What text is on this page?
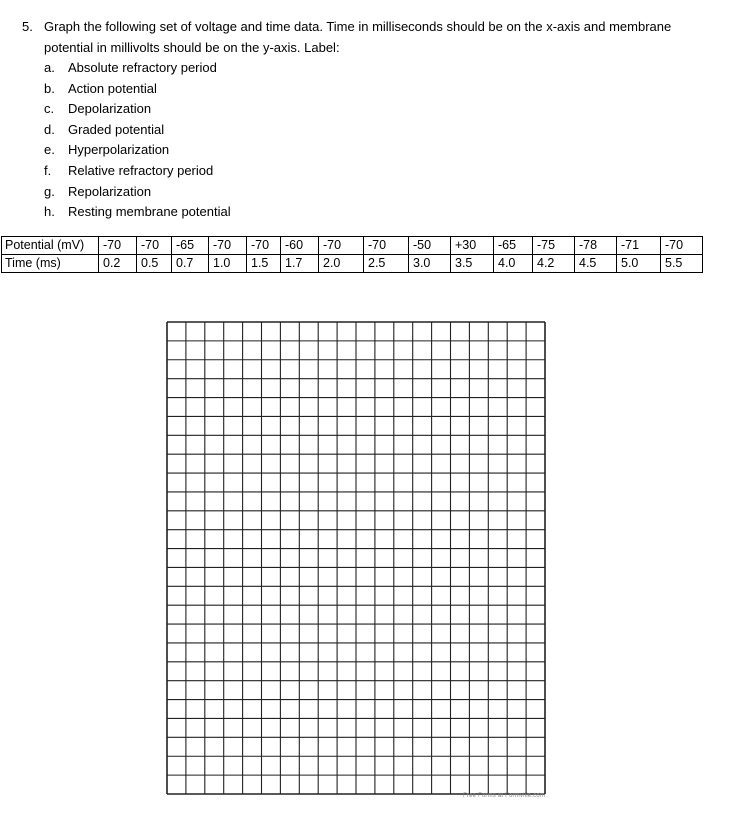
5. Graph the following set of voltage and time data. Time in milliseconds should be on the x-axis and membrane
potential in millivolts should be on the y-axis. Label:
a.	Absolute refractory period
b.	Action potential
c.	Depolarization
d.	Graded potential
e.	Hyperpolarization
f.	Relative refractory period
g.	Repolarization
h.	Resting membrane potential
Potential (mV)	-70	-70	-65	-70	-70	-60	-70	-70	-50	+30	-65	-75	-78	-71	-70
Time (ms)	0.2	0.5	0.7	1.0	1.5	1.7	2.0	2.5	3.0	3.5	4.0	4.2	4.5	5.0	5.5
Free Forms at Formville.com
